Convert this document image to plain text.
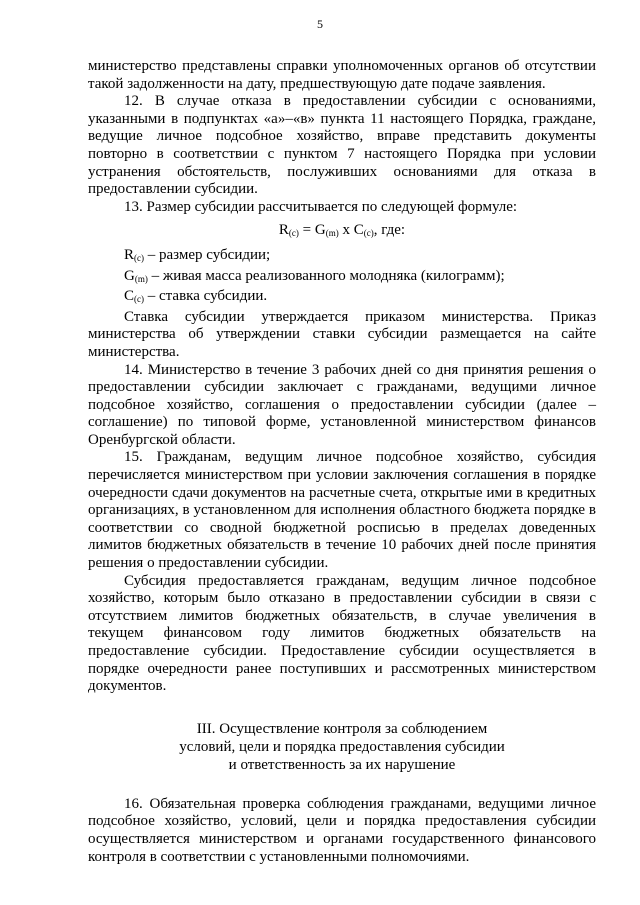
5

министерство представлены справки уполномоченных органов об отсутствии такой задолженности на дату, предшествующую дате подаче заявления.

12. В случае отказа в предоставлении субсидии с основаниями, указанными в подпунктах «а»–«в» пункта 11 настоящего Порядка, граждане, ведущие личное подсобное хозяйство, вправе представить документы повторно в соответствии с пунктом 7 настоящего Порядка при условии устранения обстоятельств, послуживших основаниями для отказа в предоставлении субсидии.

13. Размер субсидии рассчитывается по следующей формуле:

$R_{(с)} = G_{(m)}$ x $C_{(с)}$, где:

$R_{(с)}$ – размер субсидии;

$G_{(m)}$ – живая масса реализованного молодняка (килограмм);

$C_{(с)}$ – ставка субсидии.

Ставка субсидии утверждается приказом министерства. Приказ министерства об утверждении ставки субсидии размещается на сайте министерства.

14. Министерство в течение 3 рабочих дней со дня принятия решения о предоставлении субсидии заключает с гражданами, ведущими личное подсобное хозяйство, соглашения о предоставлении субсидии (далее – соглашение) по типовой форме, установленной министерством финансов Оренбургской области.

15. Гражданам, ведущим личное подсобное хозяйство, субсидия перечисляется министерством при условии заключения соглашения в порядке очередности сдачи документов на расчетные счета, открытые ими в кредитных организациях, в установленном для исполнения областного бюджета порядке в соответствии со сводной бюджетной росписью в пределах доведенных лимитов бюджетных обязательств в течение 10 рабочих дней после принятия решения о предоставлении субсидии.

Субсидия предоставляется гражданам, ведущим личное подсобное хозяйство, которым было отказано в предоставлении субсидии в связи с отсутствием лимитов бюджетных обязательств, в случае увеличения в текущем финансовом году лимитов бюджетных обязательств на предоставление субсидии. Предоставление субсидии осуществляется в порядке очередности ранее поступивших и рассмотренных министерством документов.

III. Осуществление контроля за соблюдением
условий, цели и порядка предоставления субсидии
и ответственность за их нарушение

16. Обязательная проверка соблюдения гражданами, ведущими личное подсобное хозяйство, условий, цели и порядка предоставления субсидии осуществляется министерством и органами государственного финансового контроля в соответствии с установленными полномочиями.
